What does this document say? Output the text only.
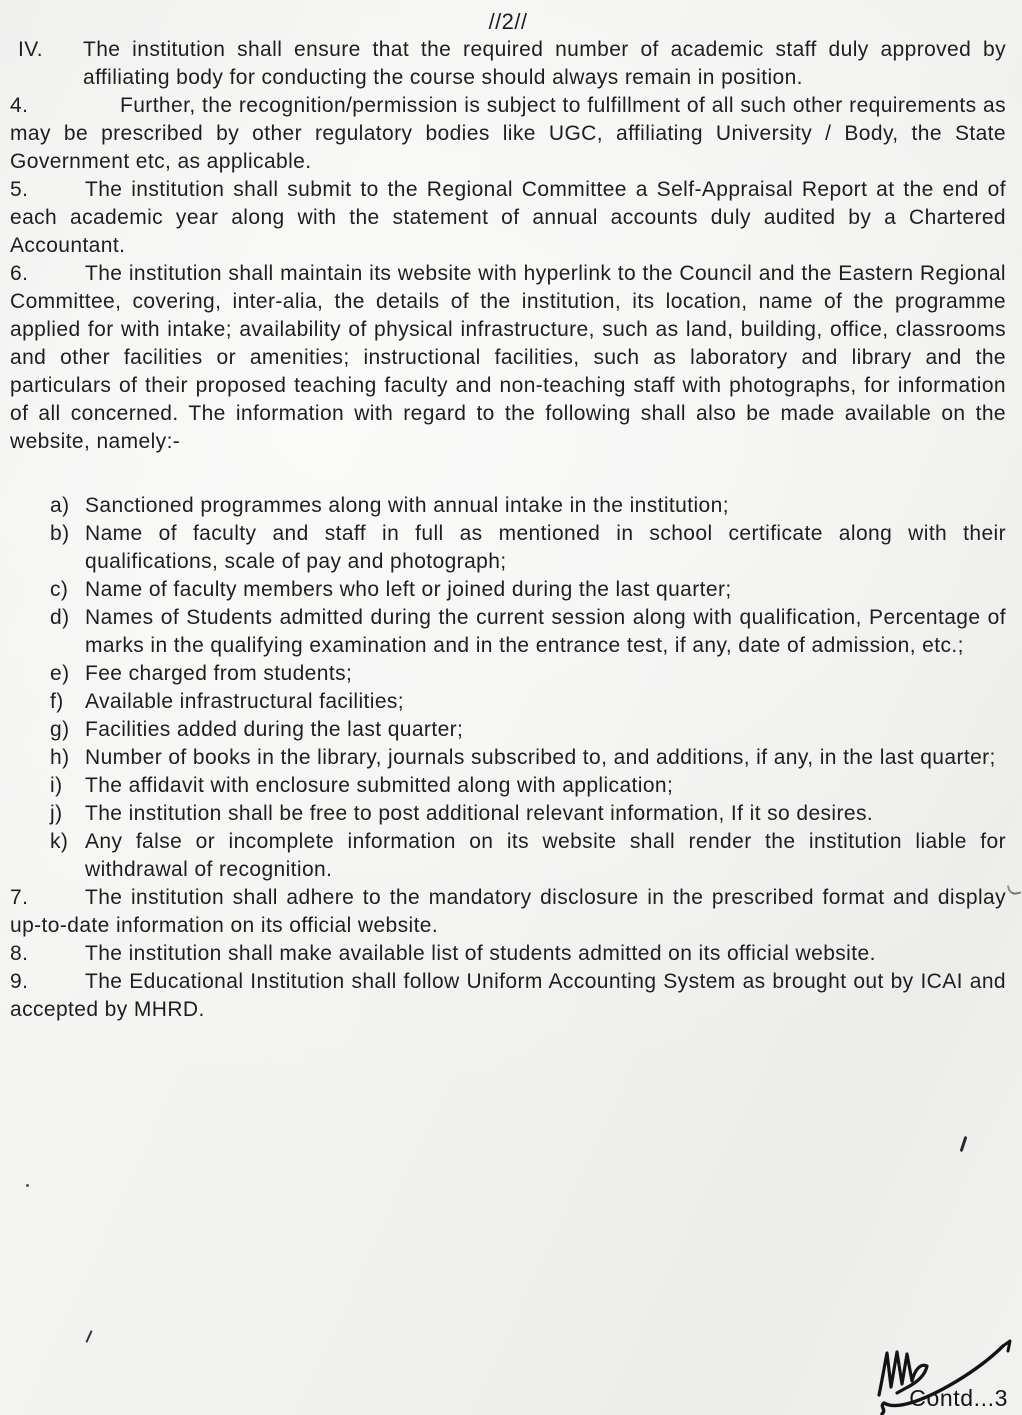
//2//

IV. The institution shall ensure that the required number of academic staff duly approved by affiliating body for conducting the course should always remain in position.

4.	Further, the recognition/permission is subject to fulfillment of all such other requirements as may be prescribed by other regulatory bodies like UGC, affiliating University / Body, the State Government etc, as applicable.

5.	The institution shall submit to the Regional Committee a Self-Appraisal Report at the end of each academic year along with the statement of annual accounts duly audited by a Chartered Accountant.

6.	The institution shall maintain its website with hyperlink to the Council and the Eastern Regional Committee, covering, inter-alia, the details of the institution, its location, name of the programme applied for with intake; availability of physical infrastructure, such as land, building, office, classrooms and other facilities or amenities; instructional facilities, such as laboratory and library and the particulars of their proposed teaching faculty and non-teaching staff with photographs, for information of all concerned. The information with regard to the following shall also be made available on the website, namely:-

a) Sanctioned programmes along with annual intake in the institution;

b) Name of faculty and staff in full as mentioned in school certificate along with their qualifications, scale of pay and photograph;

c) Name of faculty members who left or joined during the last quarter;

d) Names of Students admitted during the current session along with qualification, Percentage of marks in the qualifying examination and in the entrance test, if any, date of admission, etc.;

e) Fee charged from students;

f) Available infrastructural facilities;

g) Facilities added during the last quarter;

h) Number of books in the library, journals subscribed to, and additions, if any, in the last quarter;

i) The affidavit with enclosure submitted along with application;

j) The institution shall be free to post additional relevant information, If it so desires.

k) Any false or incomplete information on its website shall render the institution liable for withdrawal of recognition.

7.	The institution shall adhere to the mandatory disclosure in the prescribed format and display up-to-date information on its official website.

8.	The institution shall make available list of students admitted on its official website.

9.	The Educational Institution shall follow Uniform Accounting System as brought out by ICAI and accepted by MHRD.

Contd...3
